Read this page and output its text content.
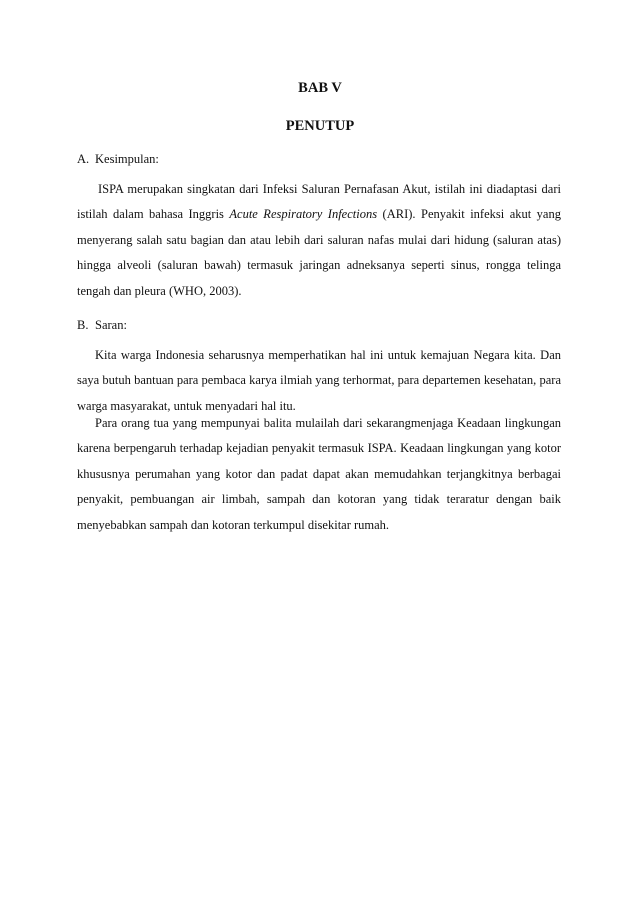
BAB V
PENUTUP
A. Kesimpulan:

ISPA merupakan singkatan dari Infeksi Saluran Pernafasan Akut, istilah ini diadaptasi dari istilah dalam bahasa Inggris Acute Respiratory Infections (ARI). Penyakit infeksi akut yang menyerang salah satu bagian dan atau lebih dari saluran nafas mulai dari hidung (saluran atas) hingga alveoli (saluran bawah) termasuk jaringan adneksanya seperti sinus, rongga telinga tengah dan pleura (WHO, 2003).

B. Saran:

Kita warga Indonesia seharusnya memperhatikan hal ini untuk kemajuan Negara kita. Dan saya butuh bantuan para pembaca karya ilmiah yang terhormat, para departemen kesehatan, para warga masyarakat, untuk menyadari hal itu.

Para orang tua yang mempunyai balita mulailah dari sekarangmenjaga Keadaan lingkungan karena berpengaruh terhadap kejadian penyakit termasuk ISPA. Keadaan lingkungan yang kotor khususnya perumahan yang kotor dan padat dapat akan memudahkan terjangkitnya berbagai penyakit, pembuangan air limbah, sampah dan kotoran yang tidak teraratur dengan baik menyebabkan sampah dan kotoran terkumpul disekitar rumah.
